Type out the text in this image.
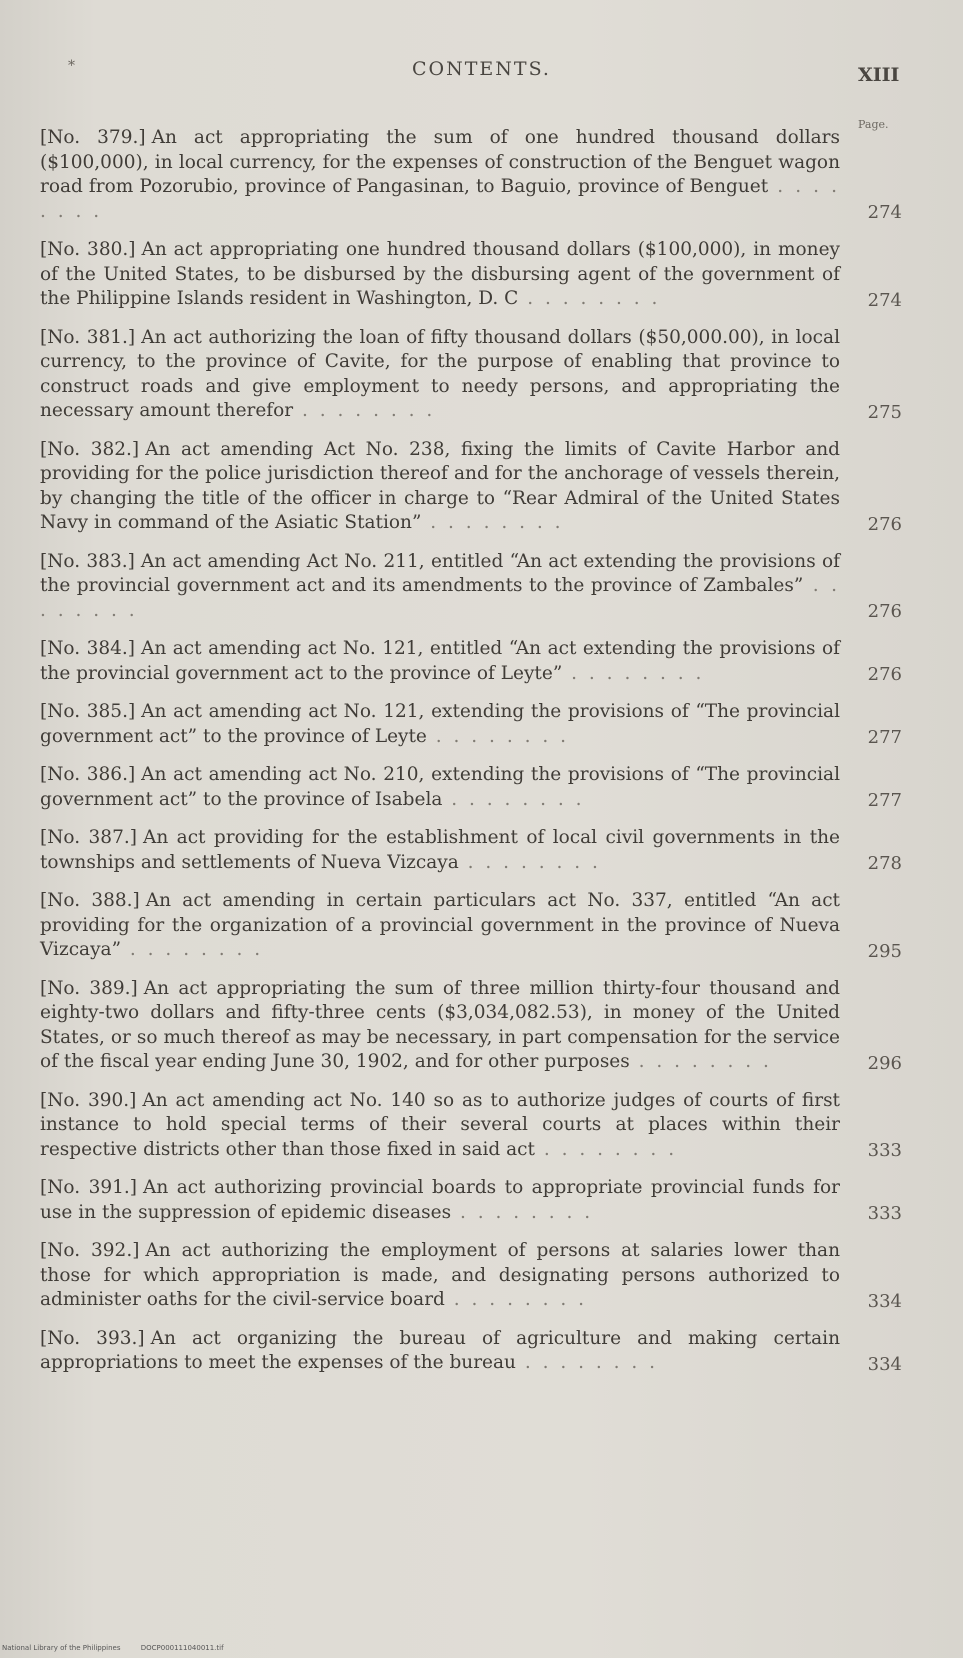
*	CONTENTS.	XIII
Page.

[No. 379.] An act appropriating the sum of one hundred thousand dollars ($100,000), in local currency, for the expenses of construction of the Benguet wagon road from Pozorubio, province of Pangasinan, to Baguio, province of Benguet . . . . . . . .	274

[No. 380.] An act appropriating one hundred thousand dollars ($100,000), in money of the United States, to be disbursed by the disbursing agent of the government of the Philippine Islands resident in Washington, D. C . . . . . . . .	274

[No. 381.] An act authorizing the loan of fifty thousand dollars ($50,000.00), in local currency, to the province of Cavite, for the purpose of enabling that province to construct roads and give employment to needy persons, and appropriating the necessary amount therefor . . . . . . . .	275

[No. 382.] An act amending Act No. 238, fixing the limits of Cavite Harbor and providing for the police jurisdiction thereof and for the anchorage of vessels therein, by changing the title of the officer in charge to “Rear Admiral of the United States Navy in command of the Asiatic Station” . . . . . . . .	276

[No. 383.] An act amending Act No. 211, entitled “An act extending the provisions of the provincial government act and its amendments to the province of Zambales” . . . . . . . .	276

[No. 384.] An act amending act No. 121, entitled “An act extending the provisions of the provincial government act to the province of Leyte” . . . . . . . .	276

[No. 385.] An act amending act No. 121, extending the provisions of “The provincial government act” to the province of Leyte . . . . . . . .	277

[No. 386.] An act amending act No. 210, extending the provisions of “The provincial government act” to the province of Isabela . . . . . . . .	277

[No. 387.] An act providing for the establishment of local civil governments in the townships and settlements of Nueva Vizcaya . . . . . . . .	278

[No. 388.] An act amending in certain particulars act No. 337, entitled “An act providing for the organization of a provincial government in the province of Nueva Vizcaya” . . . . . . . .	295

[No. 389.] An act appropriating the sum of three million thirty-four thousand and eighty-two dollars and fifty-three cents ($3,034,082.53), in money of the United States, or so much thereof as may be necessary, in part compensation for the service of the fiscal year ending June 30, 1902, and for other purposes . . . . . . . .	296

[No. 390.] An act amending act No. 140 so as to authorize judges of courts of first instance to hold special terms of their several courts at places within their respective districts other than those fixed in said act . . . . . . . .	333

[No. 391.] An act authorizing provincial boards to appropriate provincial funds for use in the suppression of epidemic diseases . . . . . . . .	333

[No. 392.] An act authorizing the employment of persons at salaries lower than those for which appropriation is made, and designating persons authorized to administer oaths for the civil-service board . . . . . . . .	334

[No. 393.] An act organizing the bureau of agriculture and making certain appropriations to meet the expenses of the bureau . . . . . . . .	334
National Library of the Philippines	DOCP000111040011.tif
